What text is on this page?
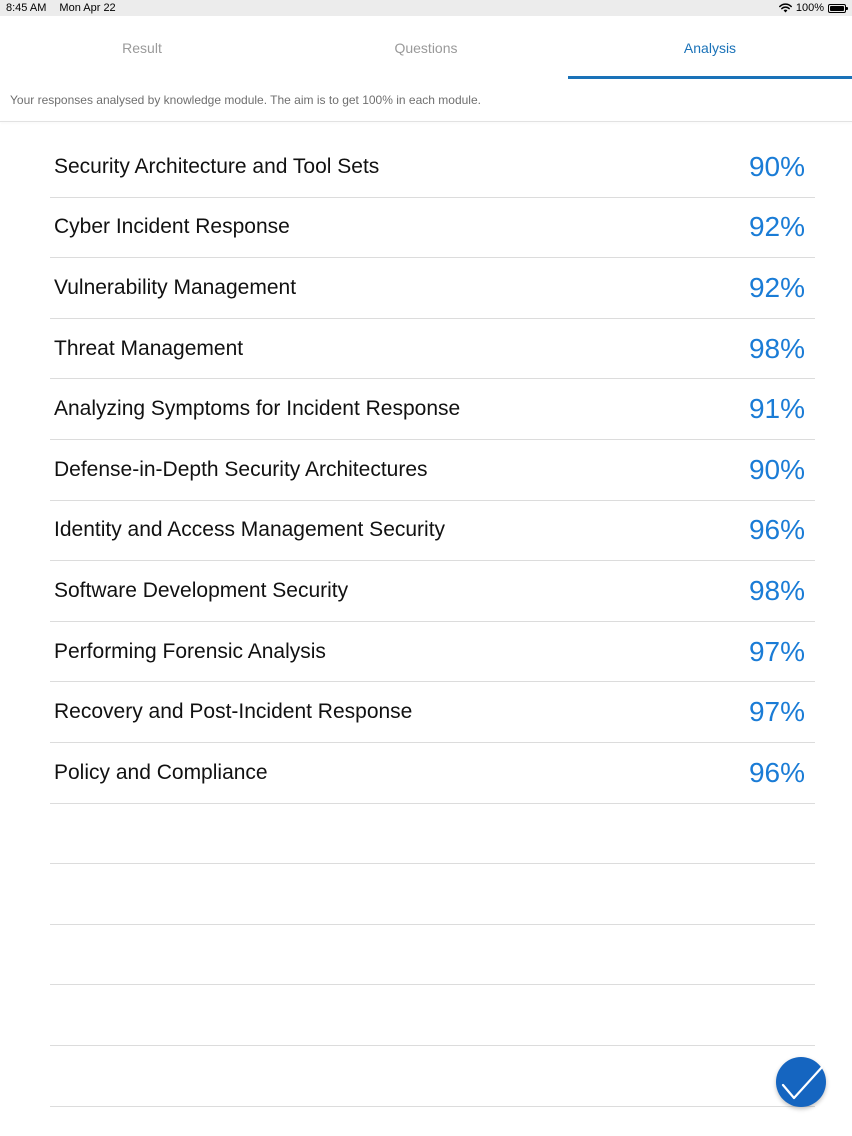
8:45 AM Mon Apr 22	100%
Result	Questions	Analysis
Your responses analysed by knowledge module. The aim is to get 100% in each module.
Security Architecture and Tool Sets	90%
Cyber Incident Response	92%
Vulnerability Management	92%
Threat Management	98%
Analyzing Symptoms for Incident Response	91%
Defense-in-Depth Security Architectures	90%
Identity and Access Management Security	96%
Software Development Security	98%
Performing Forensic Analysis	97%
Recovery and Post-Incident Response	97%
Policy and Compliance	96%
